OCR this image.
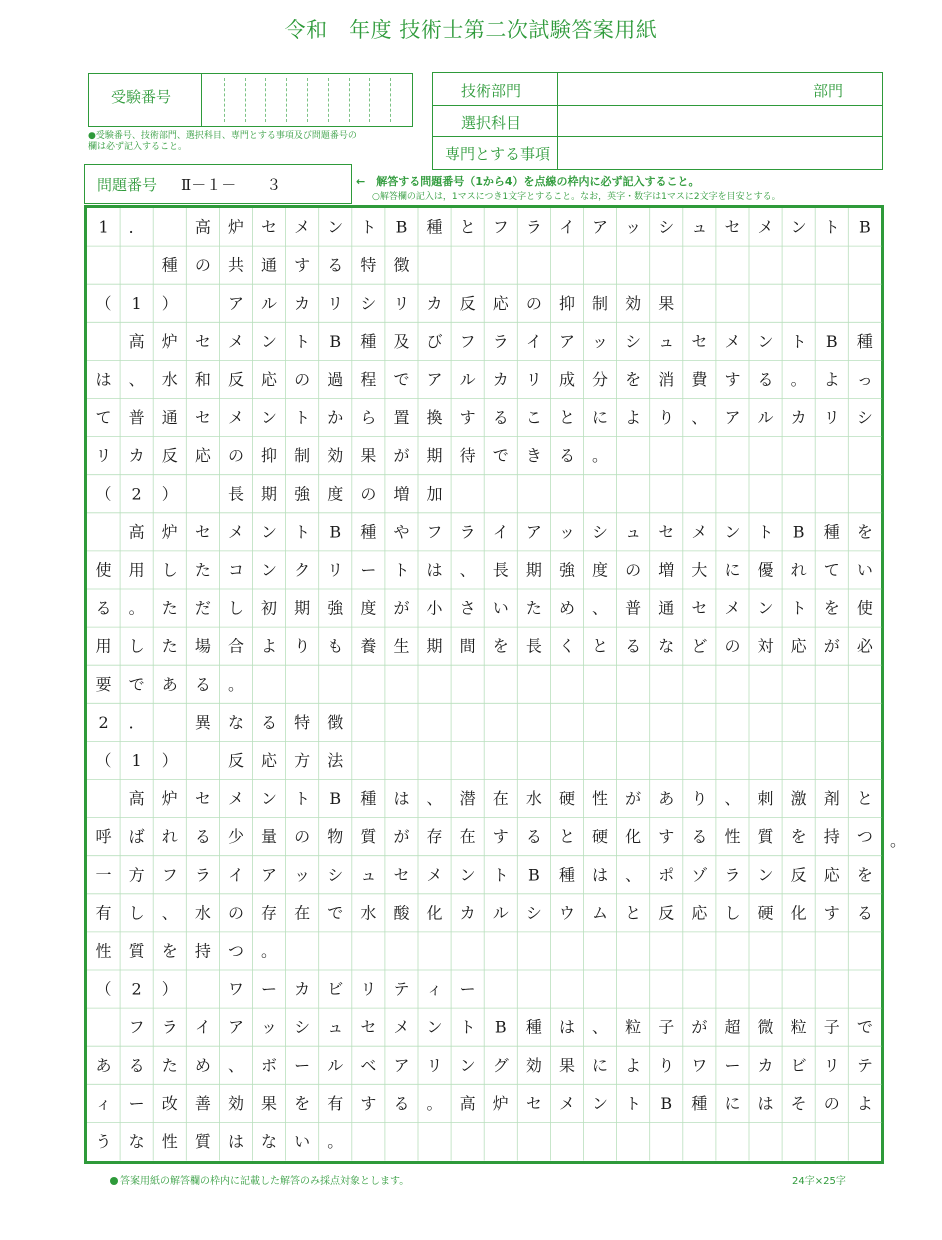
令和　年度 技術士第二次試験答案用紙
受験番号
●受験番号、技術部門、選択科目、専門とする事項及び問題番号の
欄は必ず記入すること。
技術部門	部門
選択科目
専門とする事項
問題番号 Ⅱ－１－　　３	←　解答する問題番号（1から4）を点線の枠内に必ず記入すること。
○解答欄の記入は，1マスにつき1文字とすること。なお，英字・数字は1マスに2文字を目安とする。
1 ．	高 炉 セ メ ン ト B 種 と フ ラ イ ア ッ シ ュ セ メ ン ト B
種 の 共 通 す る 特 徴
（ 1 ）	ア ル カ リ シ リ カ 反 応 の 抑 制 効 果
高 炉 セ メ ン ト B 種 及 び フ ラ イ ア ッ シ ュ セ メ ン ト B 種
は 、 水 和 反 応 の 過 程 で ア ル カ リ 成 分 を 消 費 す る 。 よ っ
て 普 通 セ メ ン ト か ら 置 換 す る こ と に よ り 、 ア ル カ リ シ
リ カ 反 応 の 抑 制 効 果 が 期 待 で き る 。
（ 2 ）	長 期 強 度 の 増 加
高 炉 セ メ ン ト B 種 や フ ラ イ ア ッ シ ュ セ メ ン ト B 種 を
使 用 し た コ ン ク リ ー ト は 、 長 期 強 度 の 増 大 に 優 れ て い
る 。 た だ し 初 期 強 度 が 小 さ い た め 、 普 通 セ メ ン ト を 使
用 し た 場 合 よ り も 養 生 期 間 を 長 く と る な ど の 対 応 が 必
要 で あ る 。
2 ．	異 な る 特 徴
（ 1 ）	反 応 方 法
高 炉 セ メ ン ト B 種 は 、 潜 在 水 硬 性 が あ り 、 刺 激 剤 と
呼 ば れ る 少 量 の 物 質 が 存 在 す る と 硬 化 す る 性 質 を 持 つ
一 方 フ ラ イ ア ッ シ ュ セ メ ン ト B 種 は 、 ポ ゾ ラ ン 反 応 を
有 し 、 水 の 存 在 で 水 酸 化 カ ル シ ウ ム と 反 応 し 硬 化 す る
性 質 を 持 つ 。
（ 2 ）	ワ ー カ ビ リ テ ィ ー
フ ラ イ ア ッ シ ュ セ メ ン ト B 種 は 、 粒 子 が 超 微 粒 子 で
あ る た め 、 ボ ー ル ベ ア リ ン グ 効 果 に よ り ワ ー カ ビ リ テ
ィ ー 改 善 効 果 を 有 す る 。 高 炉 セ メ ン ト B 種 に は そ の よ
う な 性 質 は な い 。
。
答案用紙の解答欄の枠内に記載した解答のみ採点対象とします。	24字×25字
